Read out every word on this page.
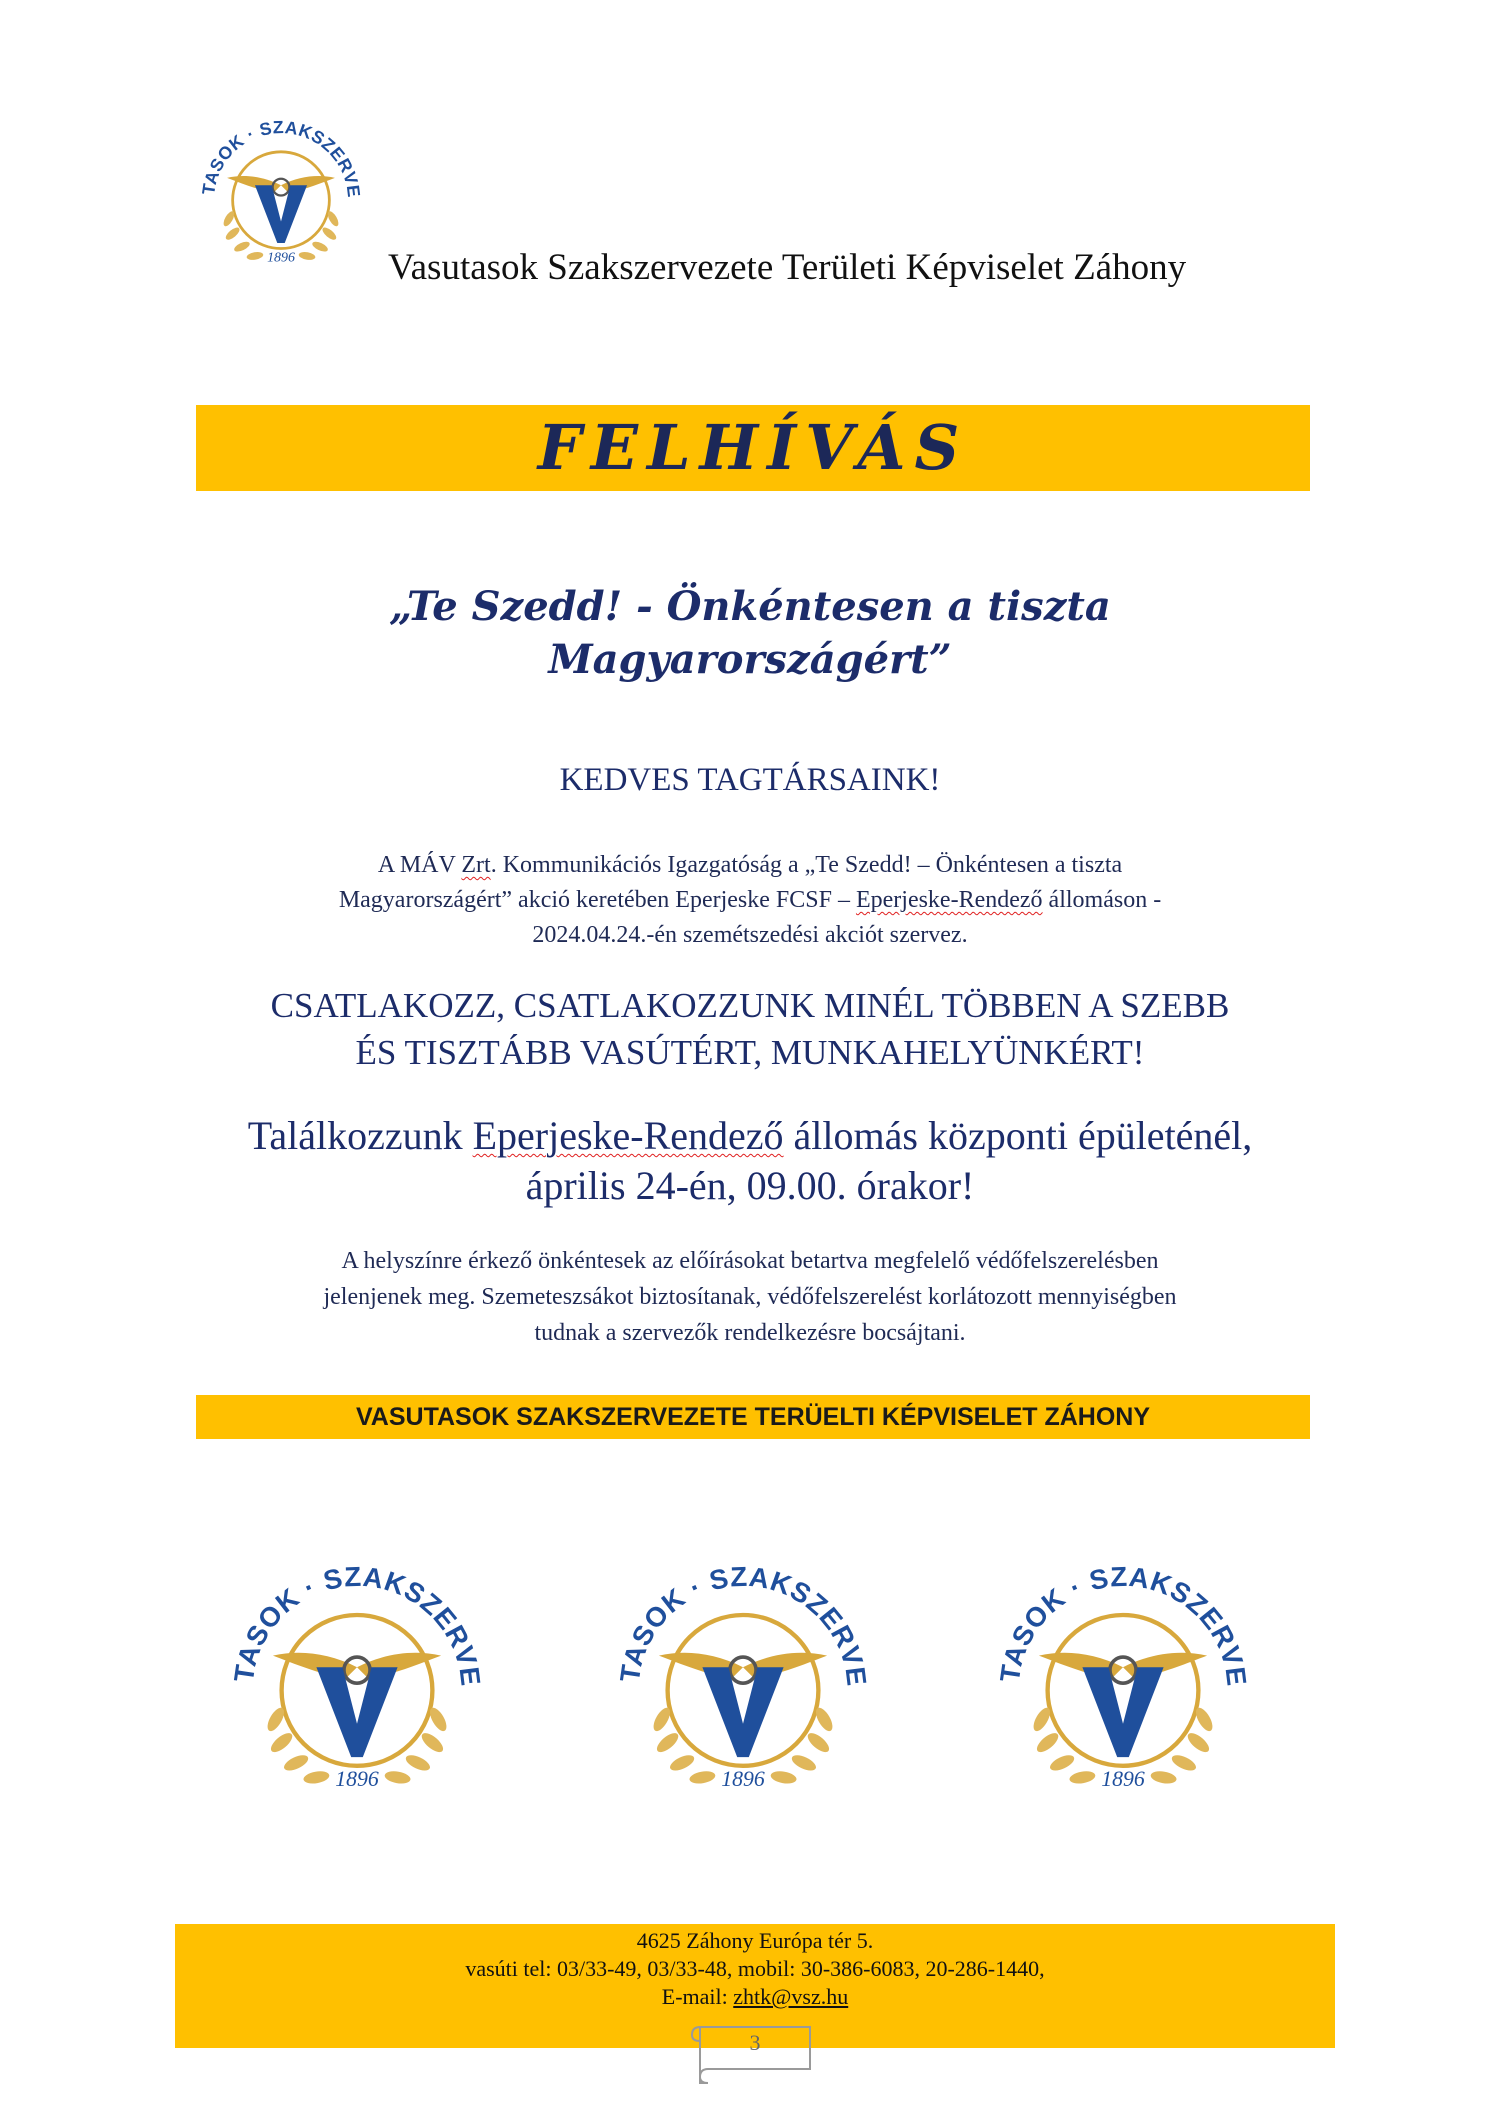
Vasutasok Szakszervezete Területi Képviselet Záhony
FELHÍVÁS
„Te Szedd! - Önkéntesen a tiszta
Magyarországért”
KEDVES TAGTÁRSAINK!
A MÁV Zrt. Kommunikációs Igazgatóság a „Te Szedd! – Önkéntesen a tiszta
Magyarországért” akció keretében Eperjeske FCSF – Eperjeske-Rendező állomáson -
2024.04.24.-én szemétszedési akciót szervez.
CSATLAKOZZ, CSATLAKOZZUNK MINÉL TÖBBEN A SZEBB
ÉS TISZTÁBB VASÚTÉRT, MUNKAHELYÜNKÉRT!
Találkozzunk Eperjeske-Rendező állomás központi épületénél,
április 24-én, 09.00. órakor!
A helyszínre érkező önkéntesek az előírásokat betartva megfelelő védőfelszerelésben
jelenjenek meg. Szemeteszsákot biztosítanak, védőfelszerelést korlátozott mennyiségben
tudnak a szervezők rendelkezésre bocsájtani.
VASUTASOK SZAKSZERVEZETE TERÜELTI KÉPVISELET ZÁHONY
4625 Záhony Európa tér 5.
vasúti tel: 03/33-49, 03/33-48, mobil: 30-386-6083, 20-286-1440,
E-mail: zhtk@vsz.hu
3
